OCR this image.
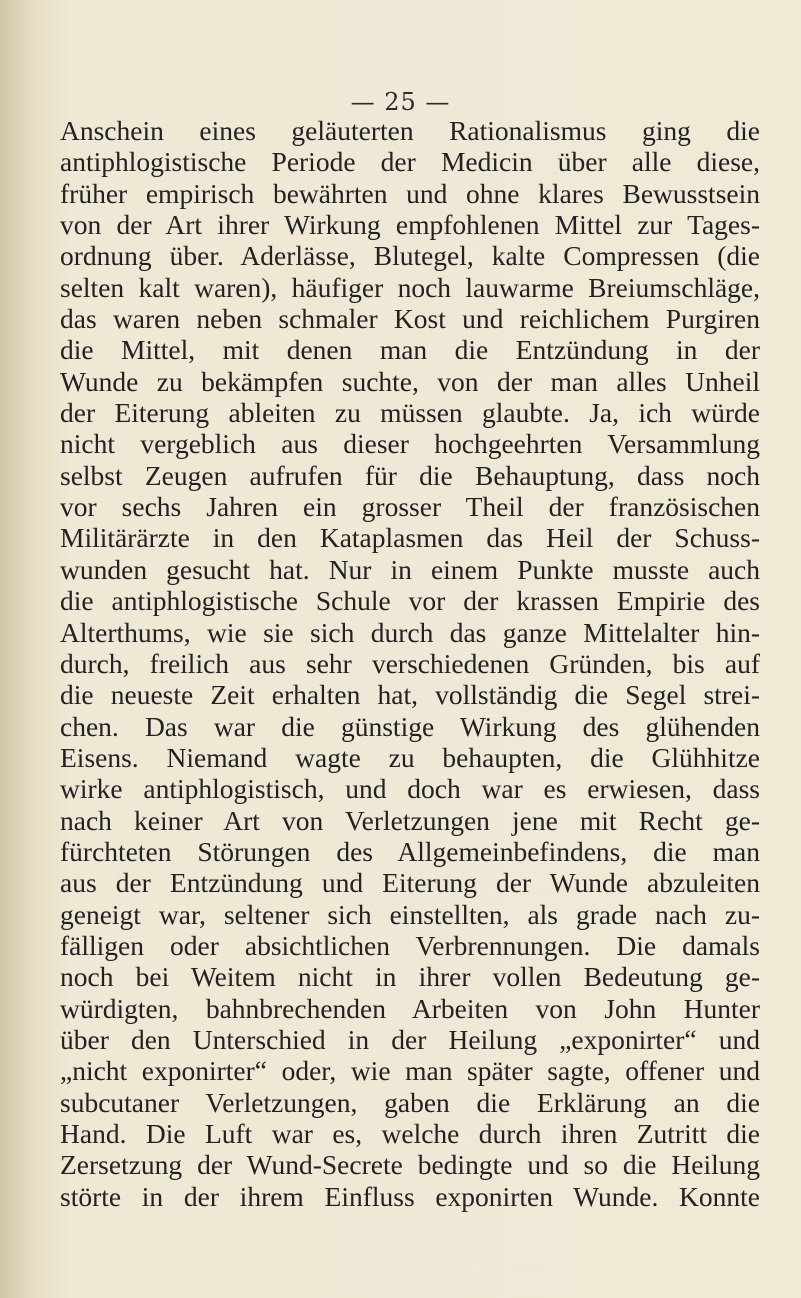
— 25 —
Anschein eines geläuterten Rationalismus ging die
antiphlogistische Periode der Medicin über alle diese,
früher empirisch bewährten und ohne klares Bewusstsein
von der Art ihrer Wirkung empfohlenen Mittel zur Tages-
ordnung über. Aderlässe, Blutegel, kalte Compressen (die
selten kalt waren), häufiger noch lauwarme Breiumschläge,
das waren neben schmaler Kost und reichlichem Purgiren
die Mittel, mit denen man die Entzündung in der
Wunde zu bekämpfen suchte, von der man alles Unheil
der Eiterung ableiten zu müssen glaubte. Ja, ich würde
nicht vergeblich aus dieser hochgeehrten Versammlung
selbst Zeugen aufrufen für die Behauptung, dass noch
vor sechs Jahren ein grosser Theil der französischen
Militärärzte in den Kataplasmen das Heil der Schuss-
wunden gesucht hat. Nur in einem Punkte musste auch
die antiphlogistische Schule vor der krassen Empirie des
Alterthums, wie sie sich durch das ganze Mittelalter hin-
durch, freilich aus sehr verschiedenen Gründen, bis auf
die neueste Zeit erhalten hat, vollständig die Segel strei-
chen. Das war die günstige Wirkung des glühenden
Eisens. Niemand wagte zu behaupten, die Glühhitze
wirke antiphlogistisch, und doch war es erwiesen, dass
nach keiner Art von Verletzungen jene mit Recht ge-
fürchteten Störungen des Allgemeinbefindens, die man
aus der Entzündung und Eiterung der Wunde abzuleiten
geneigt war, seltener sich einstellten, als grade nach zu-
fälligen oder absichtlichen Verbrennungen. Die damals
noch bei Weitem nicht in ihrer vollen Bedeutung ge-
würdigten, bahnbrechenden Arbeiten von John Hunter
über den Unterschied in der Heilung „exponirter“ und
„nicht exponirter“ oder, wie man später sagte, offener und
subcutaner Verletzungen, gaben die Erklärung an die
Hand. Die Luft war es, welche durch ihren Zutritt die
Zersetzung der Wund-Secrete bedingte und so die Heilung
störte in der ihrem Einfluss exponirten Wunde. Konnte
